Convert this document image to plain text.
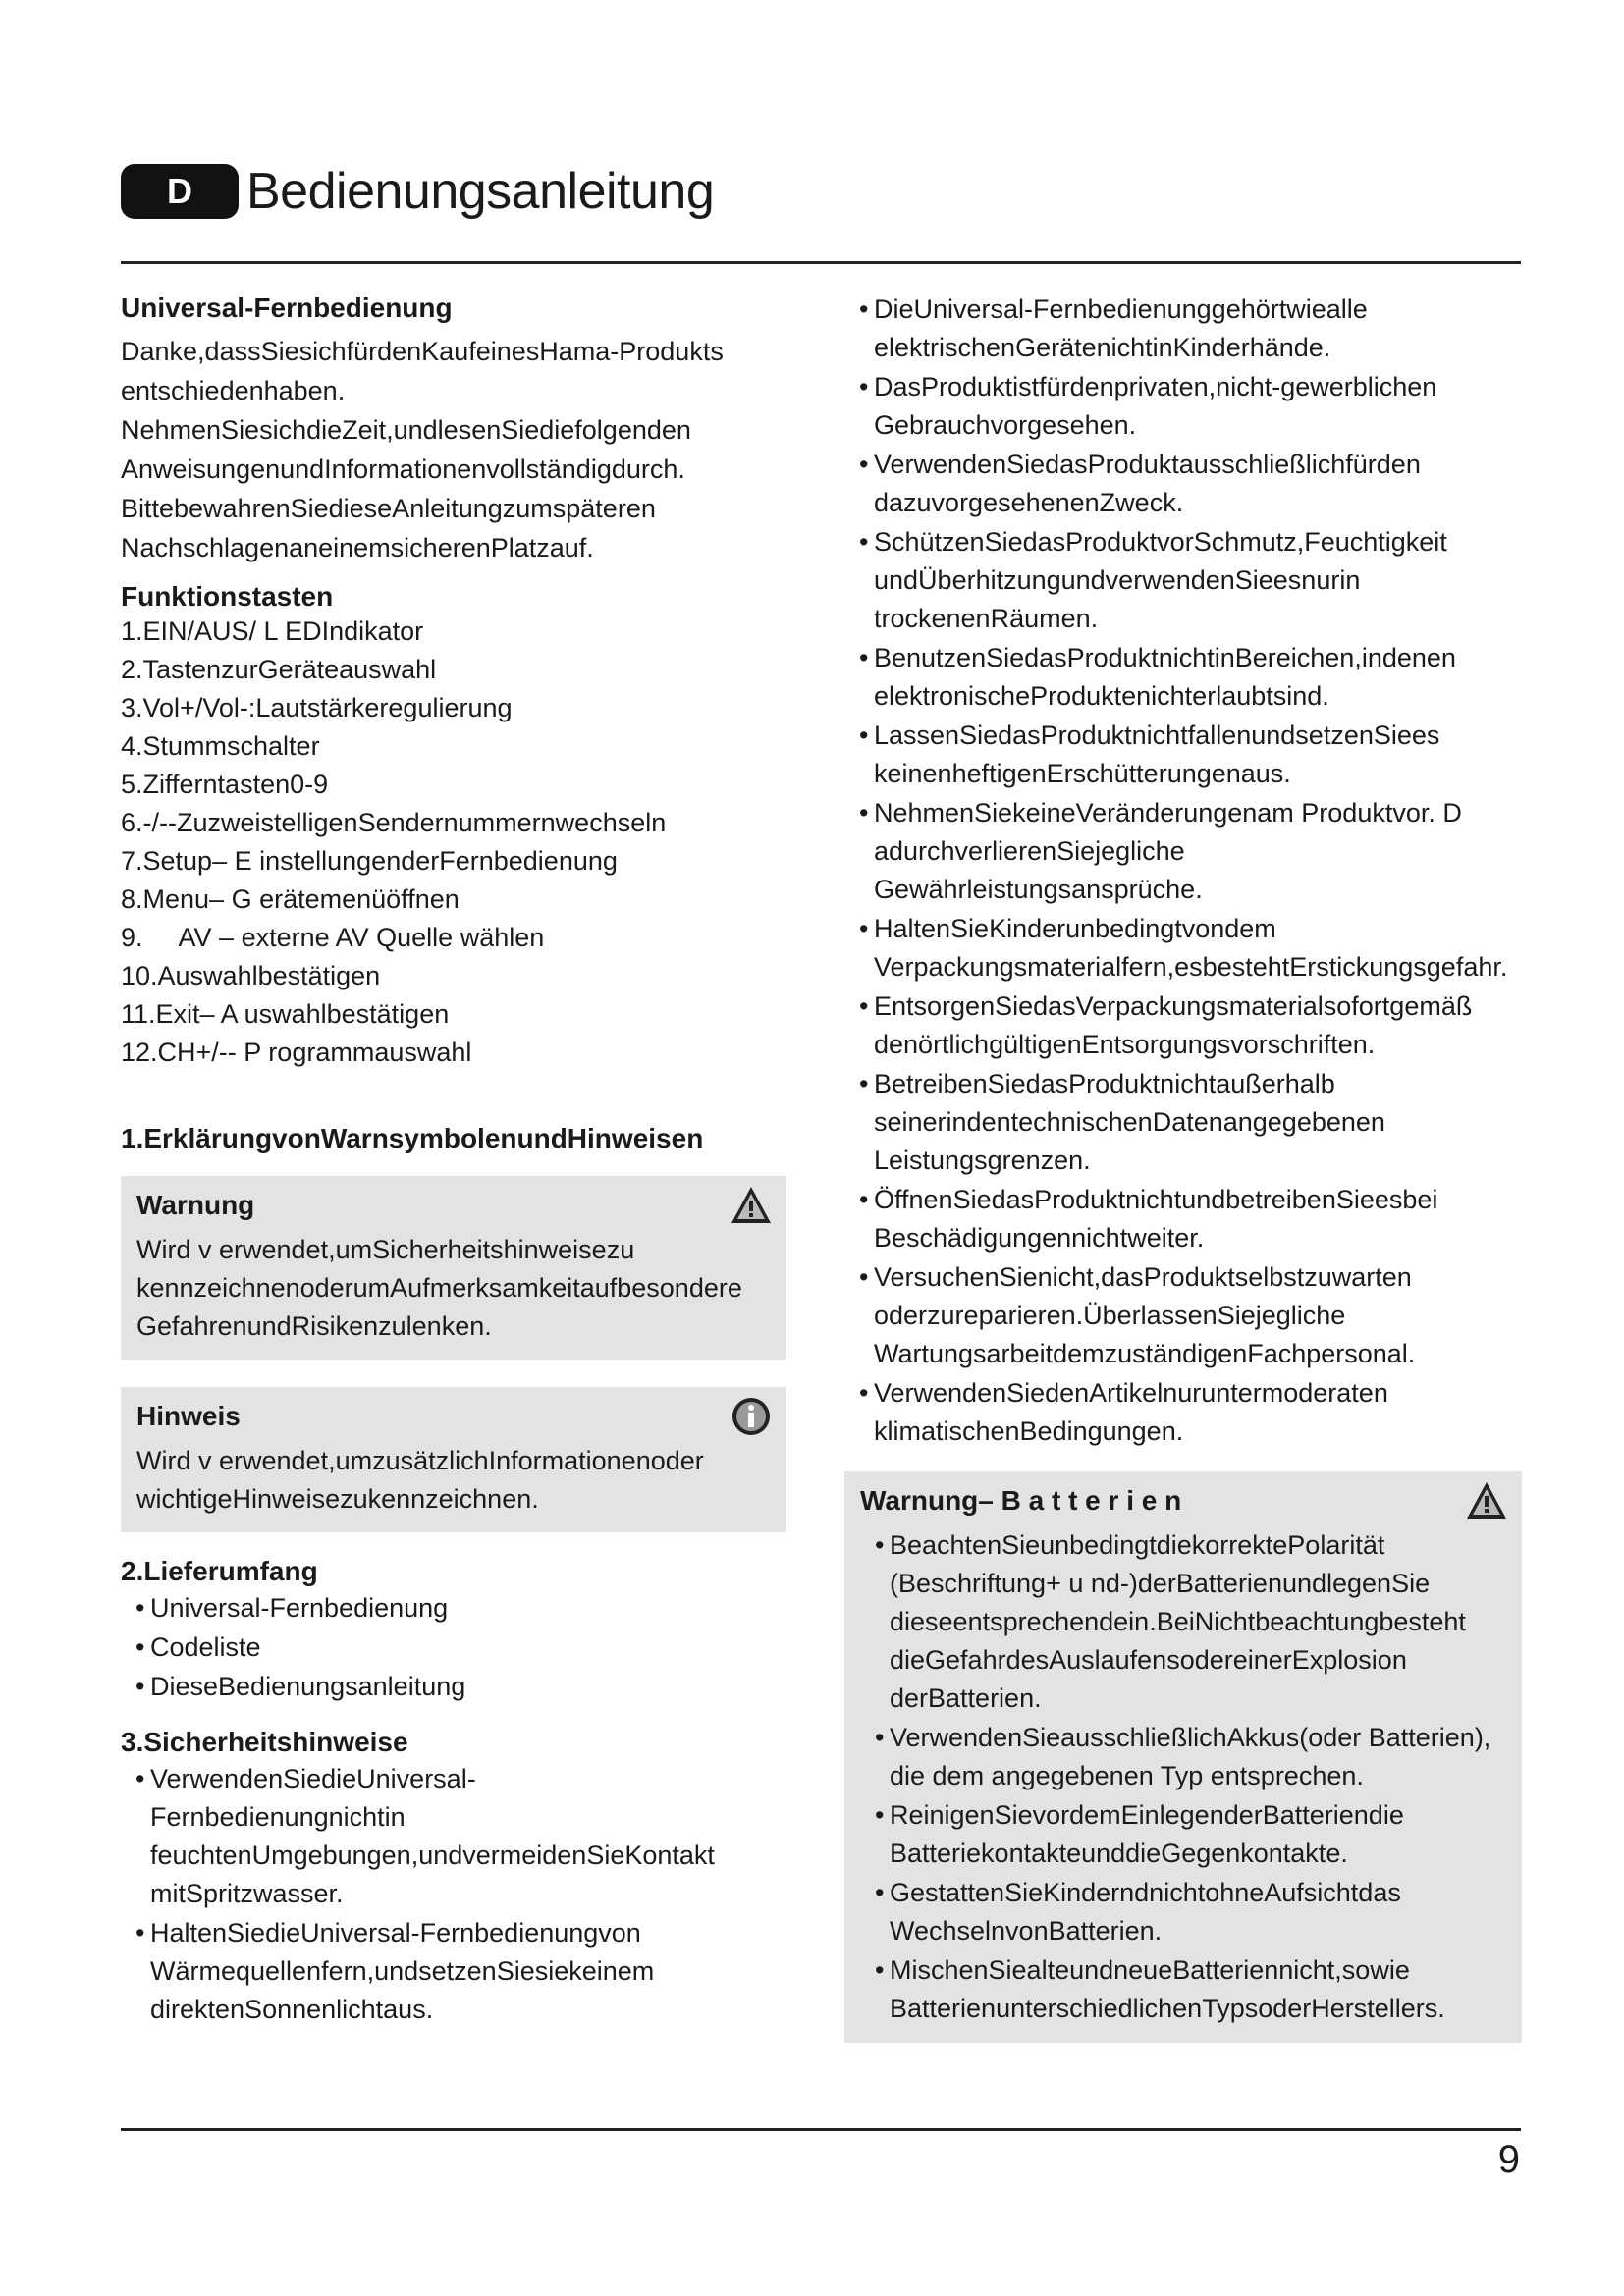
D	Bedienungsanleitung
Universal-Fernbedienung

Danke,dassSiesichfürdenKaufeinesHama-Produkts

entschiedenhaben.

NehmenSiesichdieZeit,undlesenSiediefolgenden

AnweisungenundInformationenvollständigdurch.

BittebewahrenSiedieseAnleitungzumspäteren

NachschlagenaneinemsicherenPlatzauf.

Funktionstasten
1.EIN/AUS/ L EDIndikator
2.TastenzurGeräteauswahl
3.Vol+/Vol-:Lautstärkeregulierung
4.Stummschalter
5.Zifferntasten0-9
6.-/--ZuzweistelligenSendernummernwechseln
7.Setup– E instellungenderFernbedienung
8.Menu– G erätemenüöffnen
9.     AV – externe AV Quelle wählen
10.Auswahlbestätigen
11.Exit– A uswahlbestätigen
12.CH+/-- P rogrammauswahl
1.ErklärungvonWarnsymbolenundHinweisen
Warnung

Wird v erwendet,umSicherheitshinweisezu

kennzeichnenoderumAufmerksamkeitaufbesondere

GefahrenundRisikenzulenken.

Hinweis

Wird v erwendet,umzusätzlichInformationenoder

wichtigeHinweisezukennzeichnen.

2.Lieferumfang
• Universal-Fernbedienung
• Codeliste
• DieseBedienungsanleitung
3.Sicherheitshinweise
• VerwendenSiedieUniversal-Fernbedienungnichtin feuchtenUmgebungen,undvermeidenSieKontakt mitSpritzwasser.
• HaltenSiedieUniversal-Fernbedienungvon Wärmequellenfern,undsetzenSiesiekeinem direktenSonnenlichtaus.
• DieUniversal-Fernbedienunggehörtwiealle elektrischenGerätenichtinKinderhände.
• DasProduktistfürdenprivaten,nicht-gewerblichen Gebrauchvorgesehen.
• VerwendenSiedasProduktausschließlichfürden dazuvorgesehenenZweck.
• SchützenSiedasProduktvorSchmutz,Feuchtigkeit undÜberhitzungundverwendenSieesnurin trockenenRäumen.
• BenutzenSiedasProduktnichtinBereichen,indenen elektronischeProduktenichterlaubtsind.
• LassenSiedasProduktnichtfallenundsetzenSiees keinenheftigenErschütterungenaus.
• NehmenSiekeineVeränderungenam Produktvor. D adurchverlierenSiejegliche Gewährleistungsansprüche.
• HaltenSieKinderunbedingtvondem Verpackungsmaterialfern,esbestehtErstickungsgefahr.
• EntsorgenSiedasVerpackungsmaterialsofortgemäß denörtlichgültigenEntsorgungsvorschriften.
• BetreibenSiedasProduktnichtaußerhalb seinerindentechnischenDatenangegebenen Leistungsgrenzen.
• ÖffnenSiedasProduktnichtundbetreibenSieesbei Beschädigungennichtweiter.
• VersuchenSienicht,dasProduktselbstzuwarten oderzureparieren.ÜberlassenSiejegliche WartungsarbeitdemzuständigenFachpersonal.
• VerwendenSiedenArtikelnuruntermoderaten klimatischenBedingungen.
Warnung– B a t t e r i e n
• BeachtenSieunbedingtdiekorrektePolarität (Beschriftung+ u nd-)derBatterienundlegenSie dieseentsprechendein.BeiNichtbeachtungbesteht dieGefahrdesAuslaufensodereinerExplosion derBatterien.
• VerwendenSieausschließlichAkkus(oder Batterien), die dem angegebenen Typ entsprechen.
• ReinigenSievordemEinlegenderBatteriendie BatteriekontakteunddieGegenkontakte.
• GestattenSieKinderndnichtohneAufsichtdas WechselnvonBatterien.
• MischenSiealteundneueBatteriennicht,sowie BatterienunterschiedlichenTypsoderHerstellers.
9
